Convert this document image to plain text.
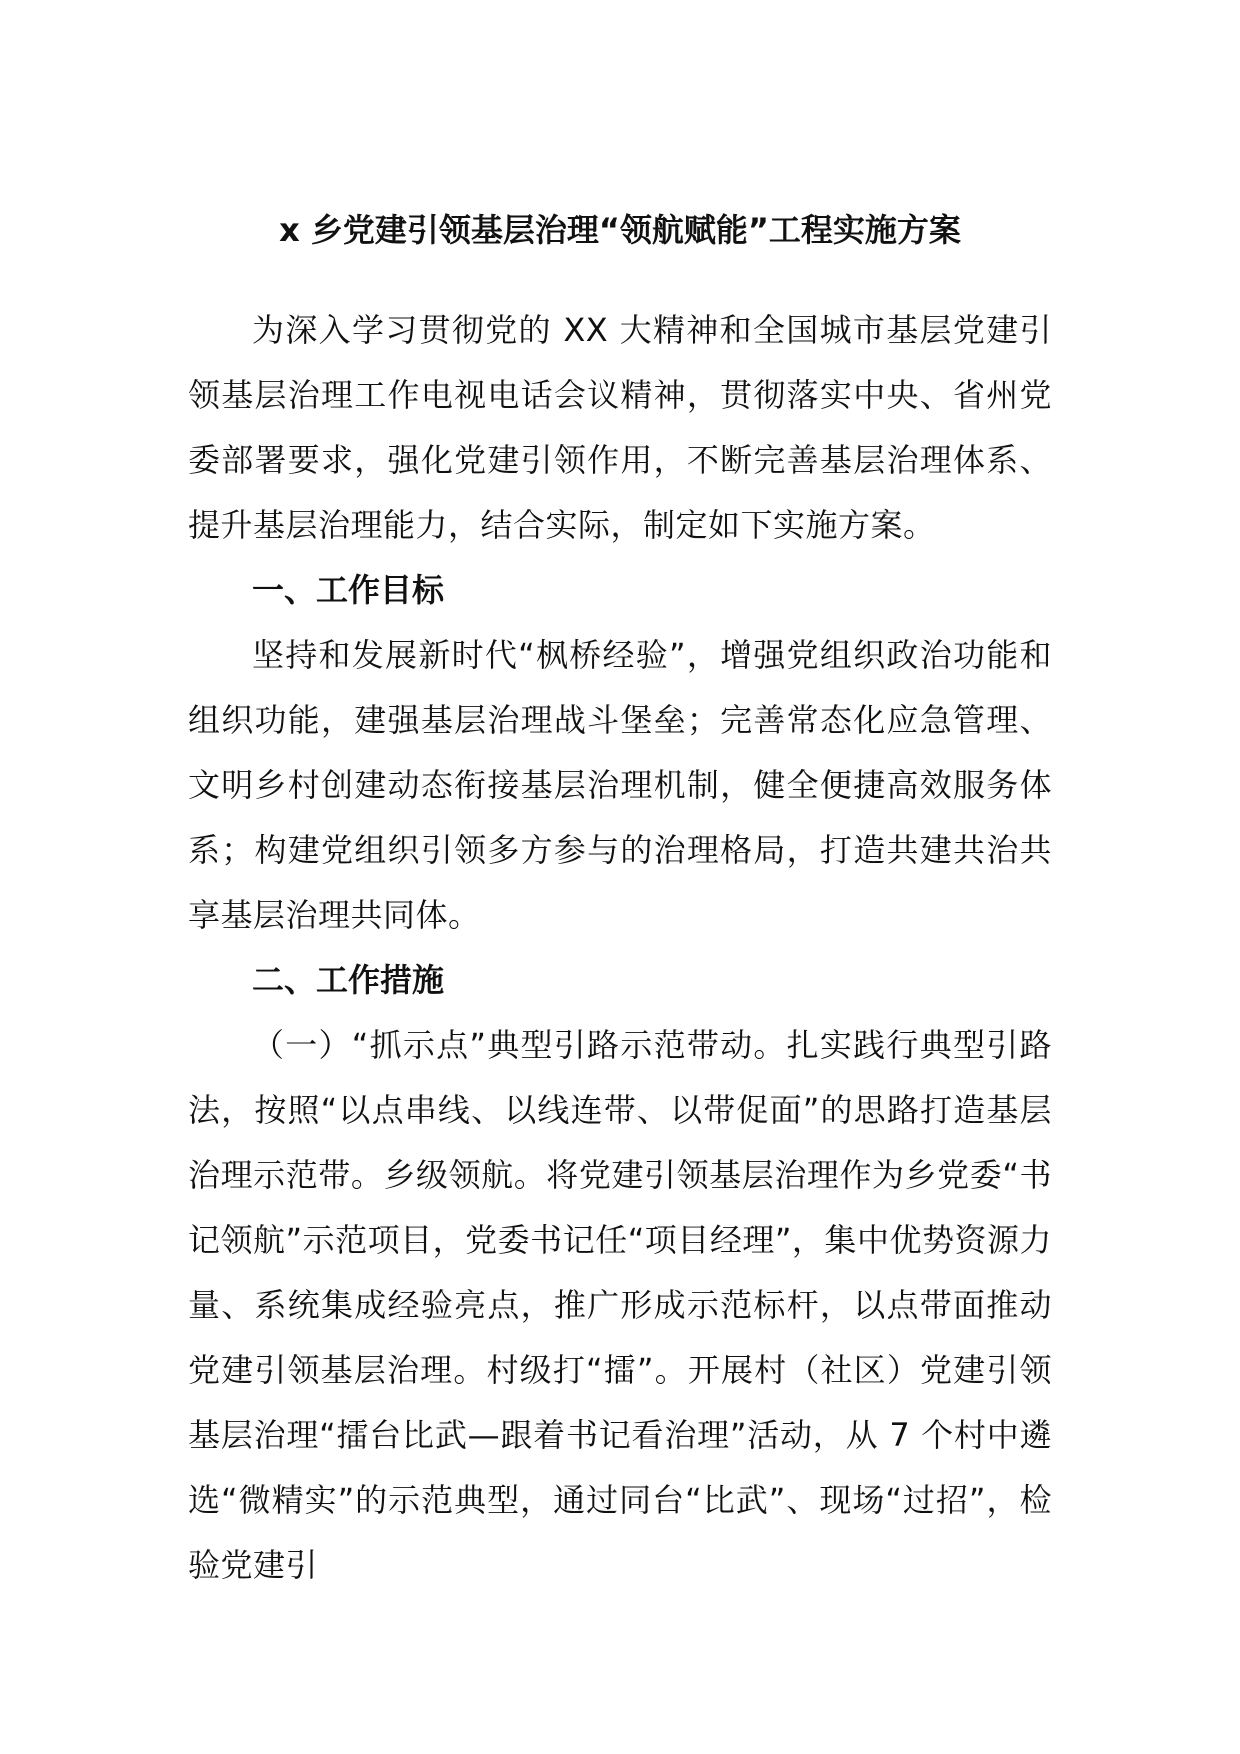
x 乡党建引领基层治理“领航赋能”工程实施方案

为深入学习贯彻党的 XX 大精神和全国城市基层党建引领基层治理工作电视电话会议精神，贯彻落实中央、省州党委部署要求，强化党建引领作用，不断完善基层治理体系、提升基层治理能力，结合实际，制定如下实施方案。

一、工作目标

坚持和发展新时代“枫桥经验”，增强党组织政治功能和组织功能，建强基层治理战斗堡垒；完善常态化应急管理、文明乡村创建动态衔接基层治理机制，健全便捷高效服务体系；构建党组织引领多方参与的治理格局，打造共建共治共享基层治理共同体。

二、工作措施

（一）“抓示点”典型引路示范带动。扎实践行典型引路法，按照“以点串线、以线连带、以带促面”的思路打造基层治理示范带。乡级领航。将党建引领基层治理作为乡党委“书记领航”示范项目，党委书记任“项目经理”，集中优势资源力量、系统集成经验亮点，推广形成示范标杆，以点带面推动党建引领基层治理。村级打“擂”。开展村（社区）党建引领基层治理“擂台比武—跟着书记看治理”活动，从 7 个村中遴选“微精实”的示范典型，通过同台“比武”、现场“过招”，检验党建引
